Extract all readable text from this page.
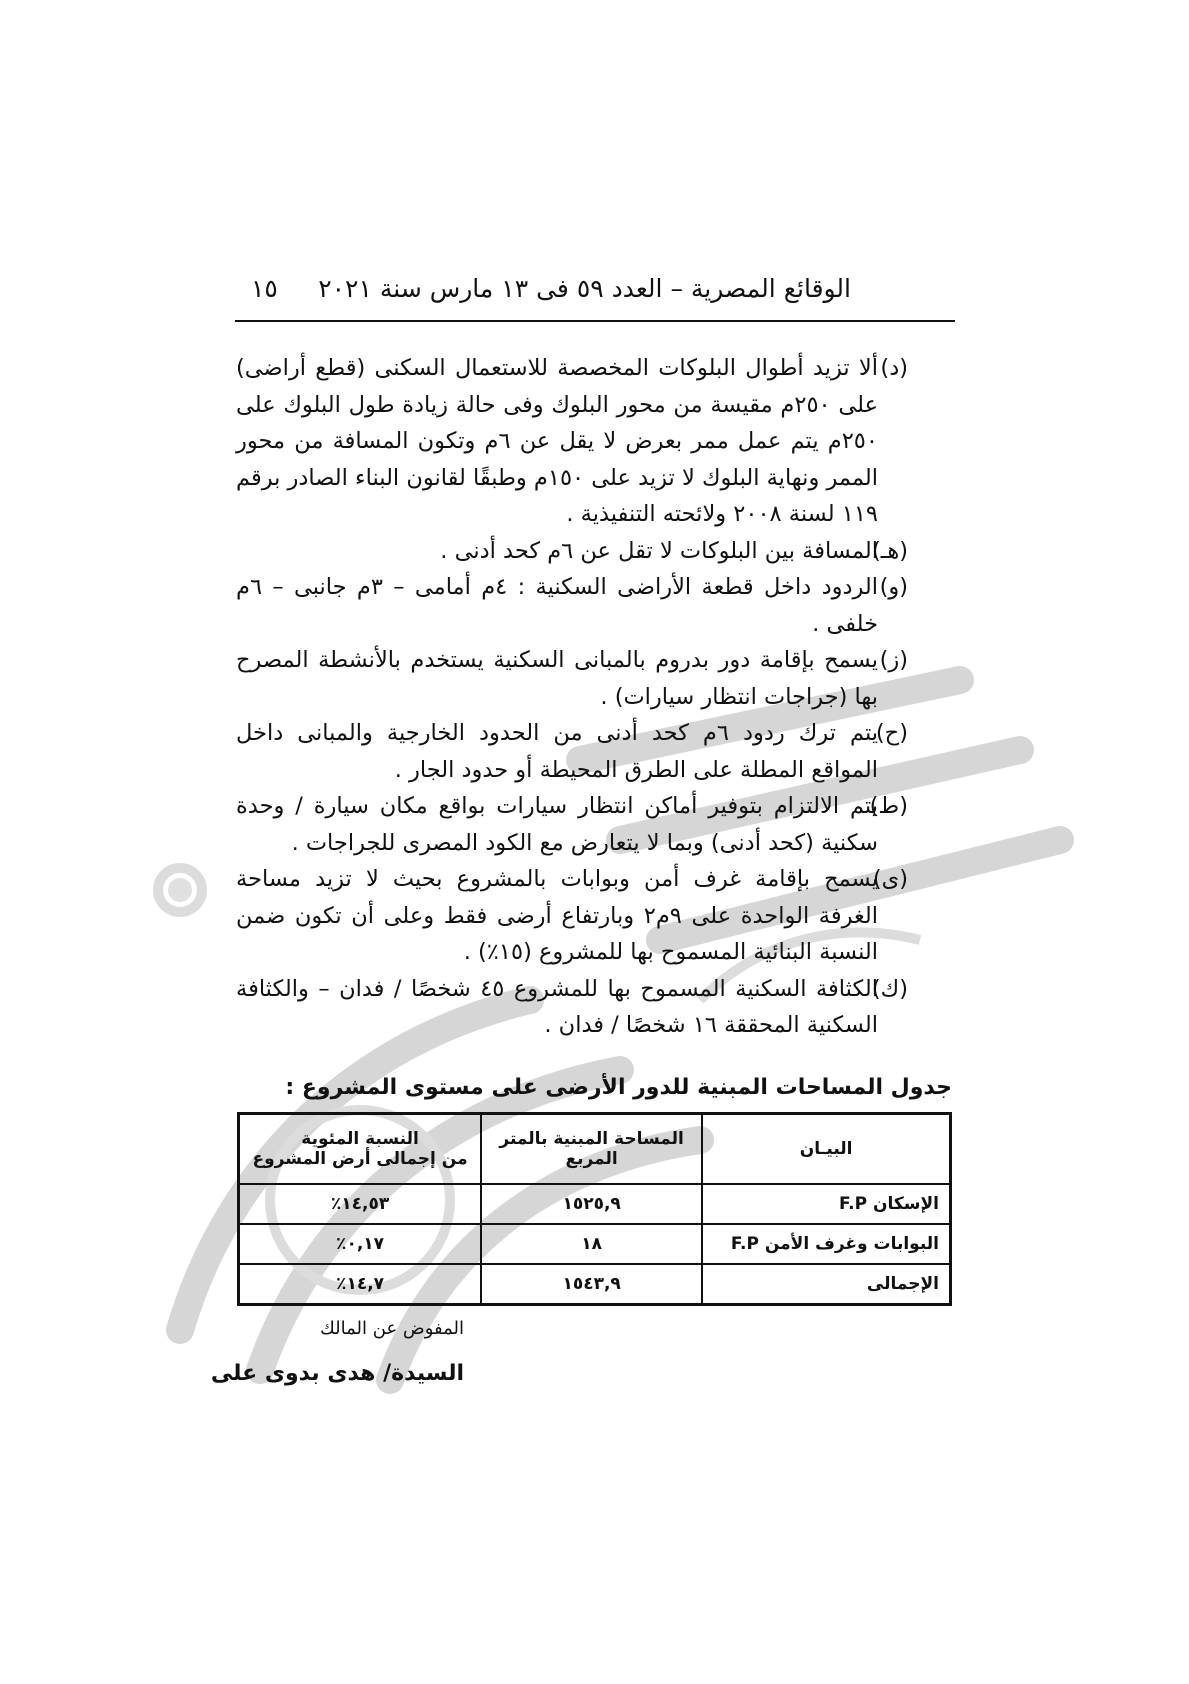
الوقائع المصرية – العدد ٥٩ فى ١٣ مارس سنة ٢٠٢١
١٥
(د)
ألا تزيد أطوال البلوكات المخصصة للاستعمال السكنى (قطع أراضى) على ٢٥٠م مقيسة من محور البلوك وفى حالة زيادة طول البلوك على ٢٥٠م يتم عمل ممر بعرض لا يقل عن ٦م وتكون المسافة من محور الممر ونهاية البلوك لا تزيد على ١٥٠م وطبقًا لقانون البناء الصادر برقم ١١٩ لسنة ٢٠٠٨ ولائحته التنفيذية .
(هـ)
المسافة بين البلوكات لا تقل عن ٦م كحد أدنى .
(و)
الردود داخل قطعة الأراضى السكنية : ٤م أمامى – ٣م جانبى – ٦م خلفى .
(ز)
يسمح بإقامة دور بدروم بالمبانى السكنية يستخدم بالأنشطة المصرح بها (جراجات انتظار سيارات) .
(ح)
يتم ترك ردود ٦م كحد أدنى من الحدود الخارجية والمبانى داخل المواقع المطلة على الطرق المحيطة أو حدود الجار .
(ط)
يتم الالتزام بتوفير أماكن انتظار سيارات بواقع مكان سيارة / وحدة سكنية (كحد أدنى) وبما لا يتعارض مع الكود المصرى للجراجات .
(ى)
يسمح بإقامة غرف أمن وبوابات بالمشروع بحيث لا تزيد مساحة الغرفة الواحدة على ٩م٢ وبارتفاع أرضى فقط وعلى أن تكون ضمن النسبة البنائية المسموح بها للمشروع (١٥٪) .
(ك)
الكثافة السكنية المسموح بها للمشروع ٤٥ شخصًا / فدان – والكثافة السكنية المحققة ١٦ شخصًا / فدان .
جدول المساحات المبنية للدور الأرضى على مستوى المشروع :
البيـان	المساحة المبنية بالمتر المربع	النسبة المئوية
من إجمالى أرض المشروع

الإسكان F.P	١٥٢٥,٩	١٤,٥٣٪
البوابات وغرف الأمن F.P	١٨	٠,١٧٪
الإجمالى	١٥٤٣,٩	١٤,٧٪
المفوض عن المالك
السيدة/ هدى بدوى على
